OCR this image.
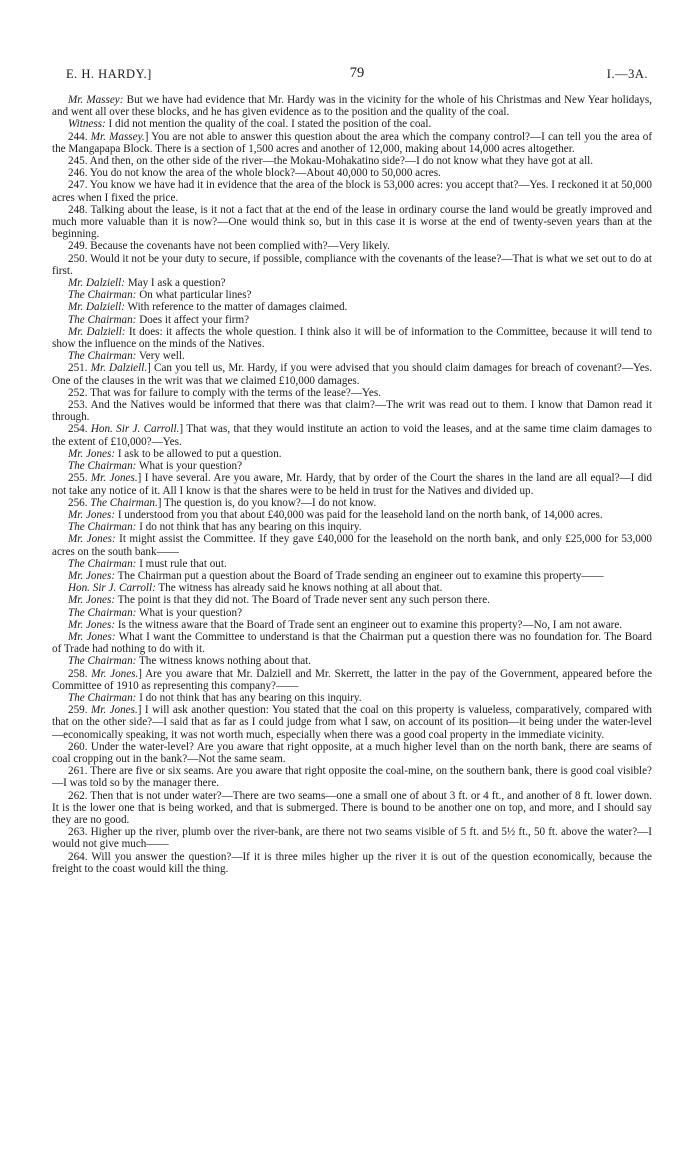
E. H. HARDY.]	79	I.—3A.

Mr. Massey: But we have had evidence that Mr. Hardy was in the vicinity for the whole of his Christmas and New Year holidays, and went all over these blocks, and he has given evidence as to the position and the quality of the coal.

Witness: I did not mention the quality of the coal. I stated the position of the coal.

244. Mr. Massey.] You are not able to answer this question about the area which the company control?—I can tell you the area of the Mangapapa Block. There is a section of 1,500 acres and another of 12,000, making about 14,000 acres altogether.

245. And then, on the other side of the river—the Mokau-Mohakatino side?—I do not know what they have got at all.

246. You do not know the area of the whole block?—About 40,000 to 50,000 acres.

247. You know we have had it in evidence that the area of the block is 53,000 acres: you accept that?—Yes. I reckoned it at 50,000 acres when I fixed the price.

248. Talking about the lease, is it not a fact that at the end of the lease in ordinary course the land would be greatly improved and much more valuable than it is now?—One would think so, but in this case it is worse at the end of twenty-seven years than at the beginning.

249. Because the covenants have not been complied with?—Very likely.

250. Would it not be your duty to secure, if possible, compliance with the covenants of the lease?—That is what we set out to do at first.

Mr. Dalziell: May I ask a question?

The Chairman: On what particular lines?

Mr. Dalziell: With reference to the matter of damages claimed.

The Chairman: Does it affect your firm?

Mr. Dalziell: It does: it affects the whole question. I think also it will be of information to the Committee, because it will tend to show the influence on the minds of the Natives.

The Chairman: Very well.

251. Mr. Dalziell.] Can you tell us, Mr. Hardy, if you were advised that you should claim damages for breach of covenant?—Yes. One of the clauses in the writ was that we claimed £10,000 damages.

252. That was for failure to comply with the terms of the lease?—Yes.

253. And the Natives would be informed that there was that claim?—The writ was read out to them. I know that Damon read it through.

254. Hon. Sir J. Carroll.] That was, that they would institute an action to void the leases, and at the same time claim damages to the extent of £10,000?—Yes.

Mr. Jones: I ask to be allowed to put a question.

The Chairman: What is your question?

255. Mr. Jones.] I have several. Are you aware, Mr. Hardy, that by order of the Court the shares in the land are all equal?—I did not take any notice of it. All I know is that the shares were to be held in trust for the Natives and divided up.

256. The Chairman.] The question is, do you know?—I do not know.

Mr. Jones: I understood from you that about £40,000 was paid for the leasehold land on the north bank, of 14,000 acres.

The Chairman: I do not think that has any bearing on this inquiry.

Mr. Jones: It might assist the Committee. If they gave £40,000 for the leasehold on the north bank, and only £25,000 for 53,000 acres on the south bank——

The Chairman: I must rule that out.

Mr. Jones: The Chairman put a question about the Board of Trade sending an engineer out to examine this property——

Hon. Sir J. Carroll: The witness has already said he knows nothing at all about that.

Mr. Jones: The point is that they did not. The Board of Trade never sent any such person there.

The Chairman: What is your question?

Mr. Jones: Is the witness aware that the Board of Trade sent an engineer out to examine this property?—No, I am not aware.

Mr. Jones: What I want the Committee to understand is that the Chairman put a question there was no foundation for. The Board of Trade had nothing to do with it.

The Chairman: The witness knows nothing about that.

258. Mr. Jones.] Are you aware that Mr. Dalziell and Mr. Skerrett, the latter in the pay of the Government, appeared before the Committee of 1910 as representing this company?——

The Chairman: I do not think that has any bearing on this inquiry.

259. Mr. Jones.] I will ask another question: You stated that the coal on this property is valueless, comparatively, compared with that on the other side?—I said that as far as I could judge from what I saw, on account of its position—it being under the water-level—economically speaking, it was not worth much, especially when there was a good coal property in the immediate vicinity.

260. Under the water-level? Are you aware that right opposite, at a much higher level than on the north bank, there are seams of coal cropping out in the bank?—Not the same seam.

261. There are five or six seams. Are you aware that right opposite the coal-mine, on the southern bank, there is good coal visible?—I was told so by the manager there.

262. Then that is not under water?—There are two seams—one a small one of about 3 ft. or 4 ft., and another of 8 ft. lower down. It is the lower one that is being worked, and that is submerged. There is bound to be another one on top, and more, and I should say they are no good.

263. Higher up the river, plumb over the river-bank, are there not two seams visible of 5 ft. and 5½ ft., 50 ft. above the water?—I would not give much——

264. Will you answer the question?—If it is three miles higher up the river it is out of the question economically, because the freight to the coast would kill the thing.
